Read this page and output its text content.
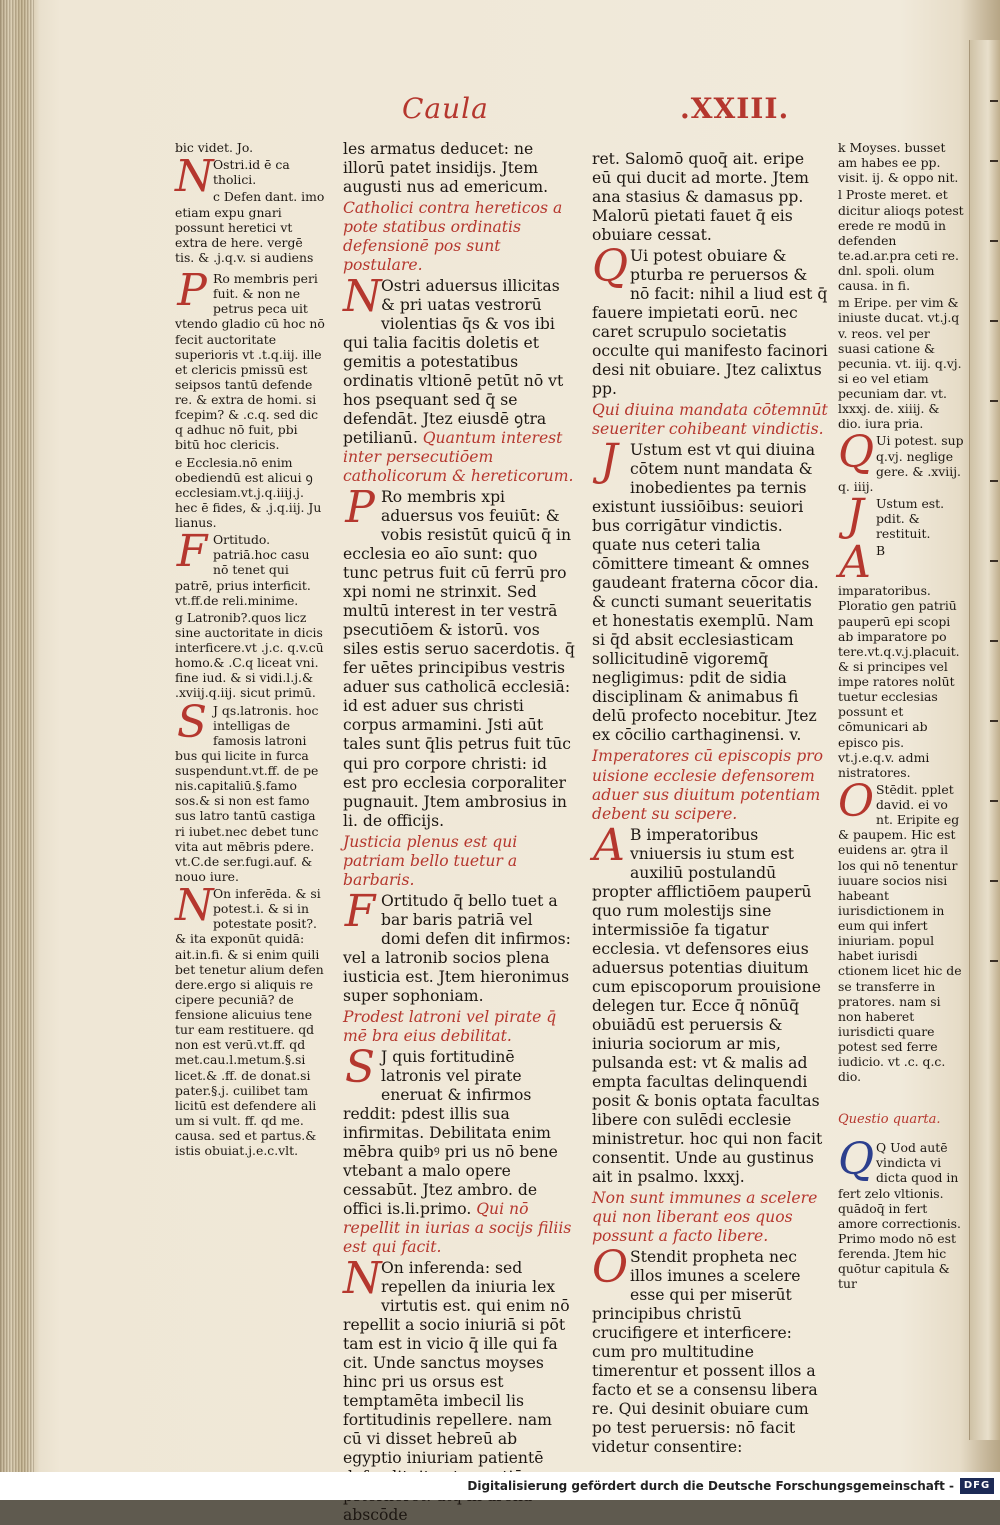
Caula	.XXIII.

bic videt. Jo.

N Ostri.id ē ca tholici.

c Defen dant. imo etiam expu gnari possunt heretici vt extra de here. vergē tis. & .j.q.v. si audiens

P Ro membris peri fuit. & non ne petrus peca uit vtendo gladio cū hoc nō fecit auctoritate superioris vt .t.q.iij. ille et clericis pmissū est seipsos tantū defende re. & extra de homi. si fcepim? & .c.q. sed dic q adhuc nō fuit, pbi bitū hoc clericis.

e Ecclesia.nō enim obediendū est alicui ꝯ ecclesiam.vt.j.q.iiij.j. hec ē fides, & .j.q.iij. Ju lianus.

F Ortitudo. patriā.hoc casu nō tenet qui patrē, prius interficit. vt.ff.de reli.minime.

g Latronib?.quos licz sine auctoritate in dicis interficere.vt .j.c. q.v.cū homo.& .C.q liceat vni. fine iud. & si vidi.l.j.& .xviij.q.iij. sicut primū.

S J qs.latronis. hoc intelligas de famosis latroni bus qui licite in furca suspendunt.vt.ff. de pe nis.capitaliū.§.famo sos.& si non est famo sus latro tantū castiga ri iubet.nec debet tunc vita aut mēbris pdere. vt.C.de ser.fugi.auf. & nouo iure.

N On inferēda. & si potest.i. & si in potestate posit?. & ita exponūt quidā: ait.in.fi. & si enim quili bet tenetur alium defen dere.ergo si aliquis re cipere pecuniā? de fensione alicuius tene tur eam restituere. qd non est verū.vt.ff. qd met.cau.l.metum.§.si licet.& .ff. de donat.si pater.§.j. cuilibet tam licitū est defendere ali um si vult. ff. qd me. causa. sed et partus.& istis obuiat.j.e.c.vlt.

les armatus deducet: ne illorū patet insidijs. Jtem augusti nus ad emericum.

Catholici contra hereticos a pote statibus ordinatis defensionē pos sunt postulare.

N Ostri aduersus illicitas & pri uatas vestrorū violentias q̄s & vos ibi qui talia facitis doletis et gemitis a potestatibus ordinatis vltionē petūt nō vt hos psequant sed q̄ se defendāt. Jtez eiusdē ꝯtra petilianū. Quantum interest inter persecutiōem catholicorum & hereticorum.

P Ro membris xpi aduersus vos feuiūt: & vobis resistūt quicū q̄ in ecclesia eo aīo sunt: quo tunc petrus fuit cū ferrū pro xpi nomi ne strinxit. Sed multū interest in ter vestrā psecutiōem & istorū. vos siles estis seruo sacerdotis. q̄ fer uētes principibus vestris aduer sus catholicā ecclesiā: id est aduer sus christi corpus armamini. Jsti aūt tales sunt q̄lis petrus fuit tūc qui pro corpore christi: id est pro ecclesia corporaliter pugnauit. Jtem ambrosius in li. de officijs.

Justicia plenus est qui patriam bello tuetur a barbaris.

F Ortitudo q̄ bello tuet a bar baris patriā vel domi defen dit infirmos: vel a latronib socios plena iusticia est. Jtem hieronimus super sophoniam.

Prodest latroni vel pirate q̄ mē bra eius debilitat.

S J quis fortitudinē latronis vel pirate eneruat & infirmos reddit: pdest illis sua infirmitas. Debilitata enim mēbra quibꝰ pri us nō bene vtebant a malo opere cessabūt. Jtez ambro. de offici is.li.primo. Qui nō repellit in iurias a socijs filiis est qui facit.

N On inferenda: sed repellen da iniuria lex virtutis est. qui enim nō repellit a socio iniuriā si pōt tam est in vicio q̄ ille qui fa cit. Unde sanctus moyses hinc pri us orsus est temptamēta imbecil lis fortitudinis repellere. nam cū vi disset hebreū ab egyptio iniuriam patientē abscōde

ret. Salomō quoq̄ ait. eripe eū qui ducit ad morte. Jtem ana stasius & damasus pp. Malorū pietati fauet q̄ eis obuiare cessat.

Q Ui potest obuiare & pturba re peruersos & nō facit: nihil a liud est q̄ fauere impietati eorū. nec caret scrupulo societatis occulte qui manifesto facinori desi nit obuiare. Jtez calixtus pp.

Qui diuina mandata cōtemnūt seueriter cohibeant vindictis.

J Ustum est vt qui diuina cōtem nunt mandata & inobedientes pa ternis existunt iussiōibus: seuiori bus corrigātur vindictis. quate nus ceteri talia cōmittere timeant & omnes gaudeant fraterna cōcor dia. & cuncti sumant seueritatis et honestatis exemplū. Nam si q̄d absit ecclesiasticam sollicitudinē vigoremq̄ negligimus: pdit de sidia disciplinam & animabus fi delū profecto nocebitur. Jtez ex cōcilio carthaginensi. v.

Imperatores cū episcopis pro uisione ecclesie defensorem aduer sus diuitum potentiam debent su scipere.

A B imperatoribus vniuersis iu stum est auxiliū postulandū propter afflictiōem pauperū quo rum molestijs sine intermissiōe fa tigatur ecclesia. vt defensores eius aduersus potentias diuitum cum episcoporum prouisione delegen tur. Ecce q̄ nōnūq̄ obuiādū est peruersis & iniuria sociorum ar mis, pulsanda est: vt & malis ad empta facultas delinquendi posit & bonis optata facultas libere con sulēdi ecclesie ministretur. hoc qui non facit consentit. Unde au gustinus ait in psalmo. lxxxj.

Non sunt immunes a scelere qui non liberant eos quos possunt a facto libere.

O Stendit propheta nec illos imunes a scelere esse qui per miserūt principibus christū crucifigere et interficere: cum pro multitudine timerentur et possent illos a facto et se a consensu libera re. Qui desinit obuiare cum po test peruersis: nō facit videtur consentire:

k Moyses. busset am habes ee pp. visit. ij. & oppo nit.

l Proste meret. et dicitur alioqs potest erede re modū in defenden te.ad.ar.pra ceti re. dnl. spoli. olum causa. in fi.

m Eripe. per vim & iniuste ducat. vt.j.q v. reos. vel per suasi catione & pecunia. vt. iij. q.vj. si eo vel etiam pecuniam dar. vt. lxxxj. de. xiiij. & dio. iura pria.

Q Ui potest. sup q.vj. neglige gere. & .xviij. q. iiij.

J Ustum est. pdit. & restituit.

A B imparatoribus. Ploratio gen patriū pauperū epi scopi ab imparatore po tere.vt.q.v.j.placuit. & si principes vel impe ratores nolūt tuetur ecclesias possunt et cōmunicari ab episco pis. vt.j.e.q.v. admi nistratores.

O Stēdit. pplet david. ei vo nt. Eripite eg & paupem. Hic est euidens ar. ꝯtra il los qui nō tenentur iuuare socios nisi habeant iurisdictionem in eum qui infert iniuriam. popul habet iurisdi ctionem licet hic de se transferre in pratores. nam si non haberet iurisdicti quare potest sed ferre iudicio. vt .c. q.c. dio.

Questio quarta.

Q Q Uod autē vindicta vi dicta quod in fert zelo vltionis. quādoq̄ in fert amore correctionis. Primo modo nō est ferenda. Jtem hic quōtur capitula & tur

Digitalisierung gefördert durch die Deutsche Forschungsgemeinschaft - DFG
